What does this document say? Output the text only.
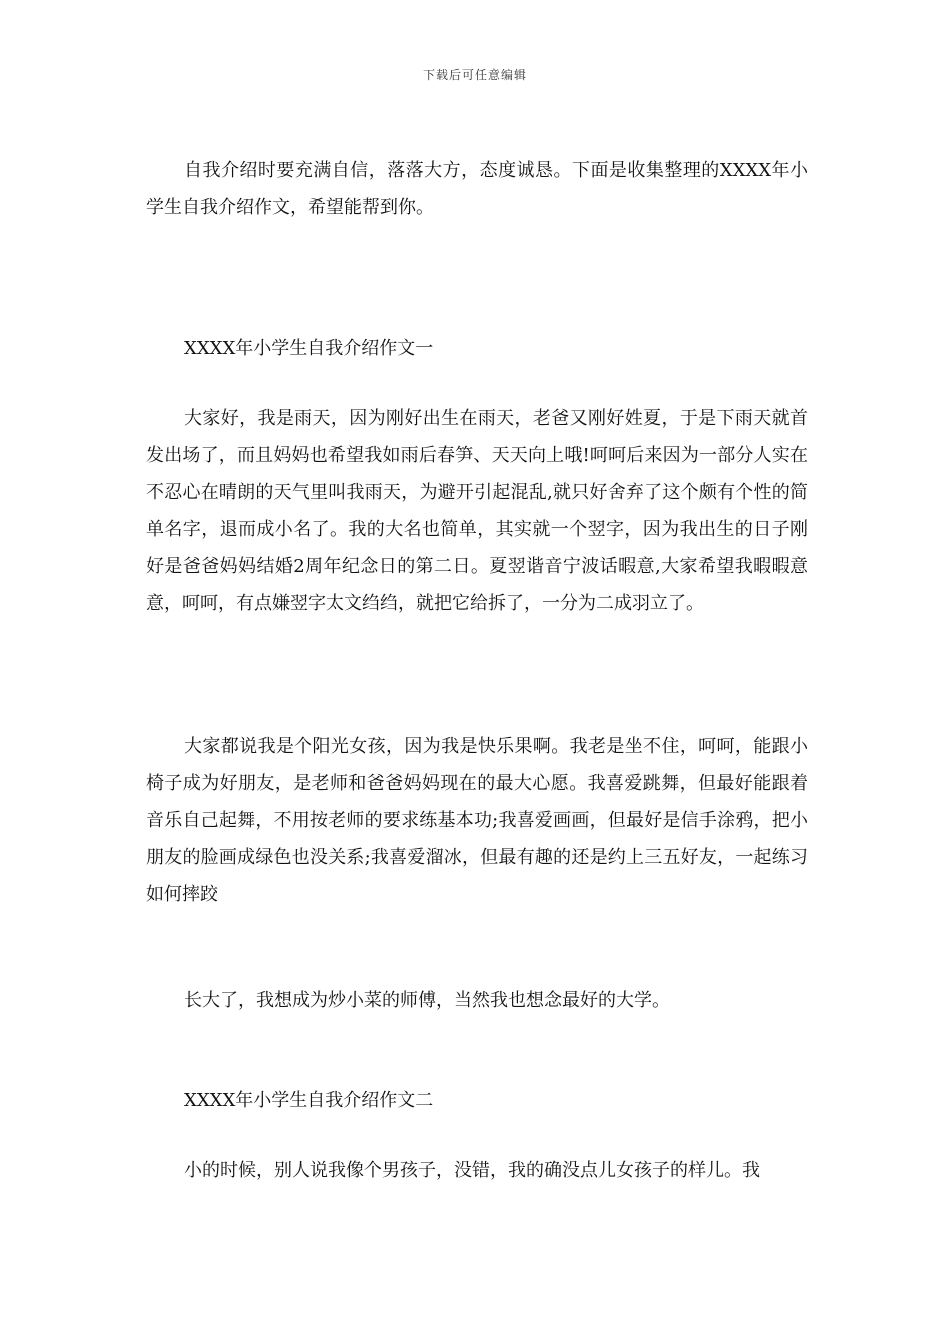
下载后可任意编辑

自我介绍时要充满自信，落落大方，态度诚恳。下面是收集整理的XXXX年小学生自我介绍作文，希望能帮到你。

XXXX年小学生自我介绍作文一

大家好，我是雨天，因为刚好出生在雨天，老爸又刚好姓夏，于是下雨天就首发出场了，而且妈妈也希望我如雨后春笋、天天向上哦!呵呵后来因为一部分人实在不忍心在晴朗的天气里叫我雨天，为避开引起混乱,就只好舍弃了这个颇有个性的简单名字，退而成小名了。我的大名也简单，其实就一个翌字，因为我出生的日子刚好是爸爸妈妈结婚2周年纪念日的第二日。夏翌谐音宁波话暇意,大家希望我暇暇意意，呵呵，有点嫌翌字太文绉绉，就把它给拆了，一分为二成羽立了。

大家都说我是个阳光女孩，因为我是快乐果啊。我老是坐不住，呵呵，能跟小椅子成为好朋友，是老师和爸爸妈妈现在的最大心愿。我喜爱跳舞，但最好能跟着音乐自己起舞，不用按老师的要求练基本功;我喜爱画画，但最好是信手涂鸦，把小朋友的脸画成绿色也没关系;我喜爱溜冰，但最有趣的还是约上三五好友，一起练习如何摔跤

长大了，我想成为炒小菜的师傅，当然我也想念最好的大学。

XXXX年小学生自我介绍作文二

小的时候，别人说我像个男孩子，没错，我的确没点儿女孩子的样儿。我
